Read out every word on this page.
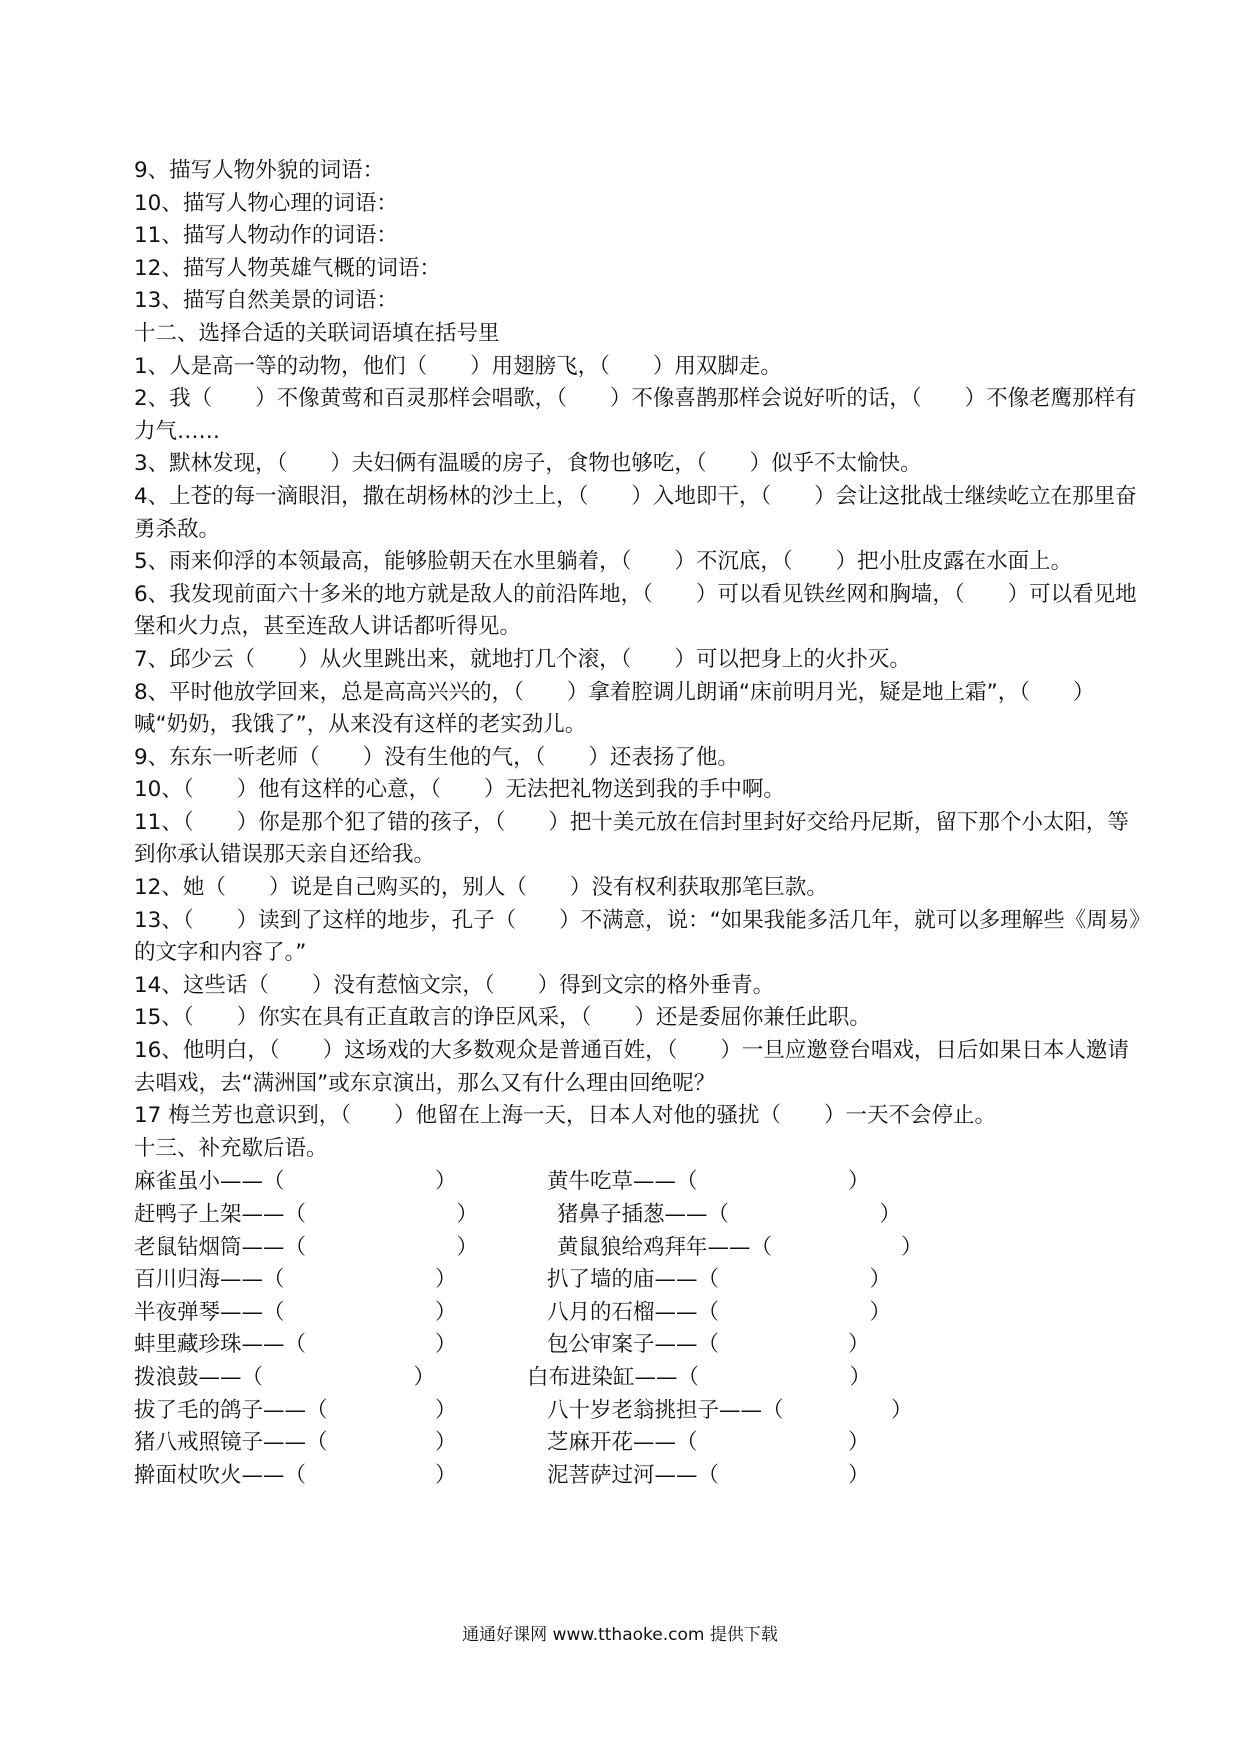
9、描写人物外貌的词语：
10、描写人物心理的词语：
11、描写人物动作的词语：
12、描写人物英雄气概的词语：
13、描写自然美景的词语：
十二、选择合适的关联词语填在括号里
1、人是高一等的动物，他们（　　）用翅膀飞，（　　）用双脚走。
2、我（　　）不像黄莺和百灵那样会唱歌，（　　）不像喜鹊那样会说好听的话，（　　）不像老鹰那样有力气……
3、默林发现，（　　）夫妇俩有温暖的房子，食物也够吃，（　　）似乎不太愉快。
4、上苍的每一滴眼泪，撒在胡杨林的沙土上，（　　）入地即干，（　　）会让这批战士继续屹立在那里奋勇杀敌。
5、雨来仰浮的本领最高，能够脸朝天在水里躺着，（　　）不沉底，（　　）把小肚皮露在水面上。
6、我发现前面六十多米的地方就是敌人的前沿阵地，（　　）可以看见铁丝网和胸墙，（　　）可以看见地堡和火力点，甚至连敌人讲话都听得见。
7、邱少云（　　）从火里跳出来，就地打几个滚，（　　）可以把身上的火扑灭。
8、平时他放学回来，总是高高兴兴的，（　　）拿着腔调儿朗诵“床前明月光，疑是地上霜”，（　　）喊“奶奶，我饿了”，从来没有这样的老实劲儿。
9、东东一听老师（　　）没有生他的气，（　　）还表扬了他。
10、（　　）他有这样的心意，（　　）无法把礼物送到我的手中啊。
11、（　　）你是那个犯了错的孩子，（　　）把十美元放在信封里封好交给丹尼斯，留下那个小太阳，等到你承认错误那天亲自还给我。
12、她（　　）说是自己购买的，别人（　　）没有权利获取那笔巨款。
13、（　　）读到了这样的地步，孔子（　　）不满意，说：“如果我能多活几年，就可以多理解些《周易》的文字和内容了。”
14、这些话（　　）没有惹恼文宗，（　　）得到文宗的格外垂青。
15、（　　）你实在具有正直敢言的诤臣风采，（　　）还是委屈你兼任此职。
16、他明白，（　　）这场戏的大多数观众是普通百姓，（　　）一旦应邀登台唱戏，日后如果日本人邀请去唱戏，去“满洲国”或东京演出，那么又有什么理由回绝呢？
17 梅兰芳也意识到，（　　）他留在上海一天，日本人对他的骚扰（　　）一天不会停止。
十三、补充歇后语。
麻雀虽小——（　　　　　　　）	黄牛吃草——（　　　　　　　）
赶鸭子上架——（　　　　　　　）	猪鼻子插葱——（　　　　　　　）
老鼠钻烟筒——（　　　　　　　）	黄鼠狼给鸡拜年——（　　　　　　）
百川归海——（　　　　　　　）	扒了墙的庙——（　　　　　　　）
半夜弹琴——（　　　　　　　）	八月的石榴——（　　　　　　　）
蚌里藏珍珠——（　　　　　　）	包公审案子——（　　　　　　）
拨浪鼓——（　　　　　　　）	白布进染缸——（　　　　　　　）
拔了毛的鸽子——（　　　　　）	八十岁老翁挑担子——（　　　　　）
猪八戒照镜子——（　　　　　）	芝麻开花——（　　　　　　　）
擀面杖吹火——（　　　　　　）	泥菩萨过河——（　　　　　　）
通通好课网 www.tthaoke.com 提供下载
